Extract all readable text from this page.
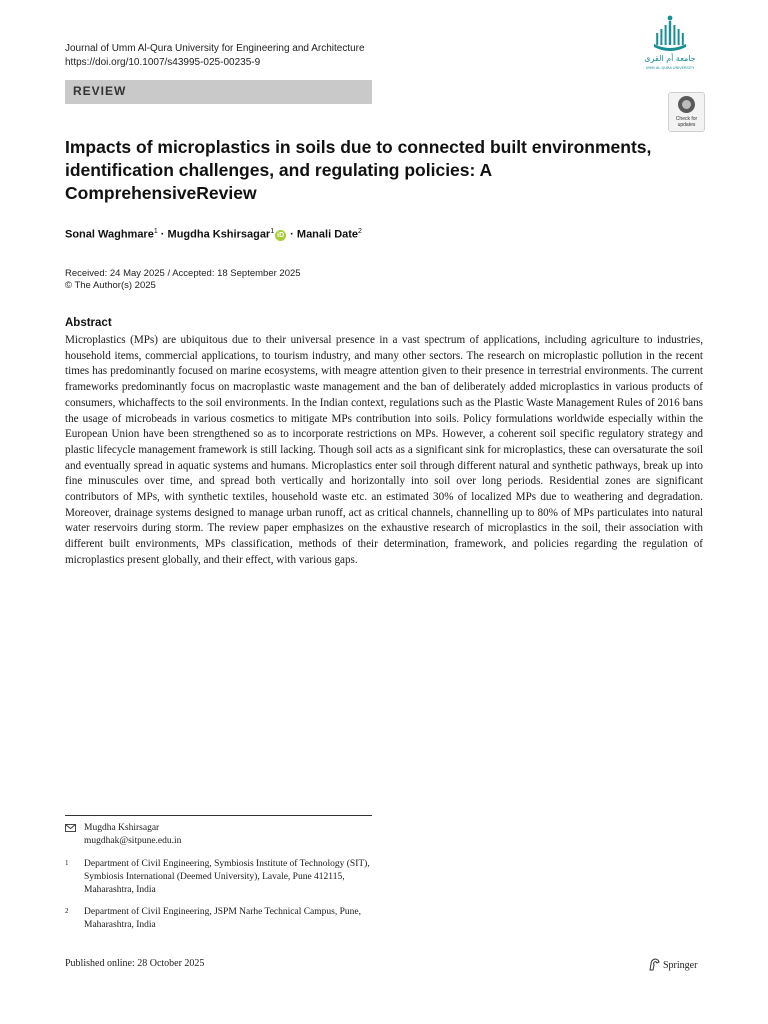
Journal of Umm Al-Qura University for Engineering and Architecture
https://doi.org/10.1007/s43995-025-00235-9	جامعة أم القرى
UMM AL-QURA UNIVERSITY
REVIEW
Check for
updates
Impacts of microplastics in soils due to connected built environments, identification challenges, and regulating policies: A ComprehensiveReview
Sonal Waghmare$^1$ · Mugdha Kshirsagar$^1$iD · Manali Date$^2$
Received: 24 May 2025 / Accepted: 18 September 2025
© The Author(s) 2025
Abstract
Microplastics (MPs) are ubiquitous due to their universal presence in a vast spectrum of applications, including agriculture to industries, household items, commercial applications, to tourism industry, and many other sectors. The research on microplastic pollution in the recent times has predominantly focused on marine ecosystems, with meagre attention given to their presence in terrestrial environments. The current frameworks predominantly focus on macroplastic waste management and the ban of deliberately added microplastics in various products of consumers, whichaffects to the soil environments. In the Indian context, regulations such as the Plastic Waste Management Rules of 2016 bans the usage of microbeads in various cosmetics to mitigate MPs contribution into soils. Policy formulations worldwide especially within the European Union have been strengthened so as to incorporate restrictions on MPs. However, a coherent soil specific regulatory strategy and plastic lifecycle management framework is still lacking. Though soil acts as a significant sink for microplastics, these can oversaturate the soil and eventually spread in aquatic systems and humans. Microplastics enter soil through different natural and synthetic pathways, break up into fine minuscules over time, and spread both vertically and horizontally into soil over long periods. Residential zones are significant contributors of MPs, with synthetic textiles, household waste etc. an estimated 30% of localized MPs due to weathering and degradation. Moreover, drainage systems designed to manage urban runoff, act as critical channels, channelling up to 80% of MPs particulates into natural water reservoirs during storm. The review paper emphasizes on the exhaustive research of microplastics in the soil, their association with different built environments, MPs classification, methods of their determination, framework, and policies regarding the regulation of microplastics present globally, and their effect, with various gaps.
Mugdha Kshirsagar
mugdhak@sitpune.edu.in
1 Department of Civil Engineering, Symbiosis Institute of Technology (SIT), Symbiosis International (Deemed University), Lavale, Pune 412115, Maharashtra, India
2 Department of Civil Engineering, JSPM Narhe Technical Campus, Pune, Maharashtra, India
Published online: 28 October 2025	Springer
